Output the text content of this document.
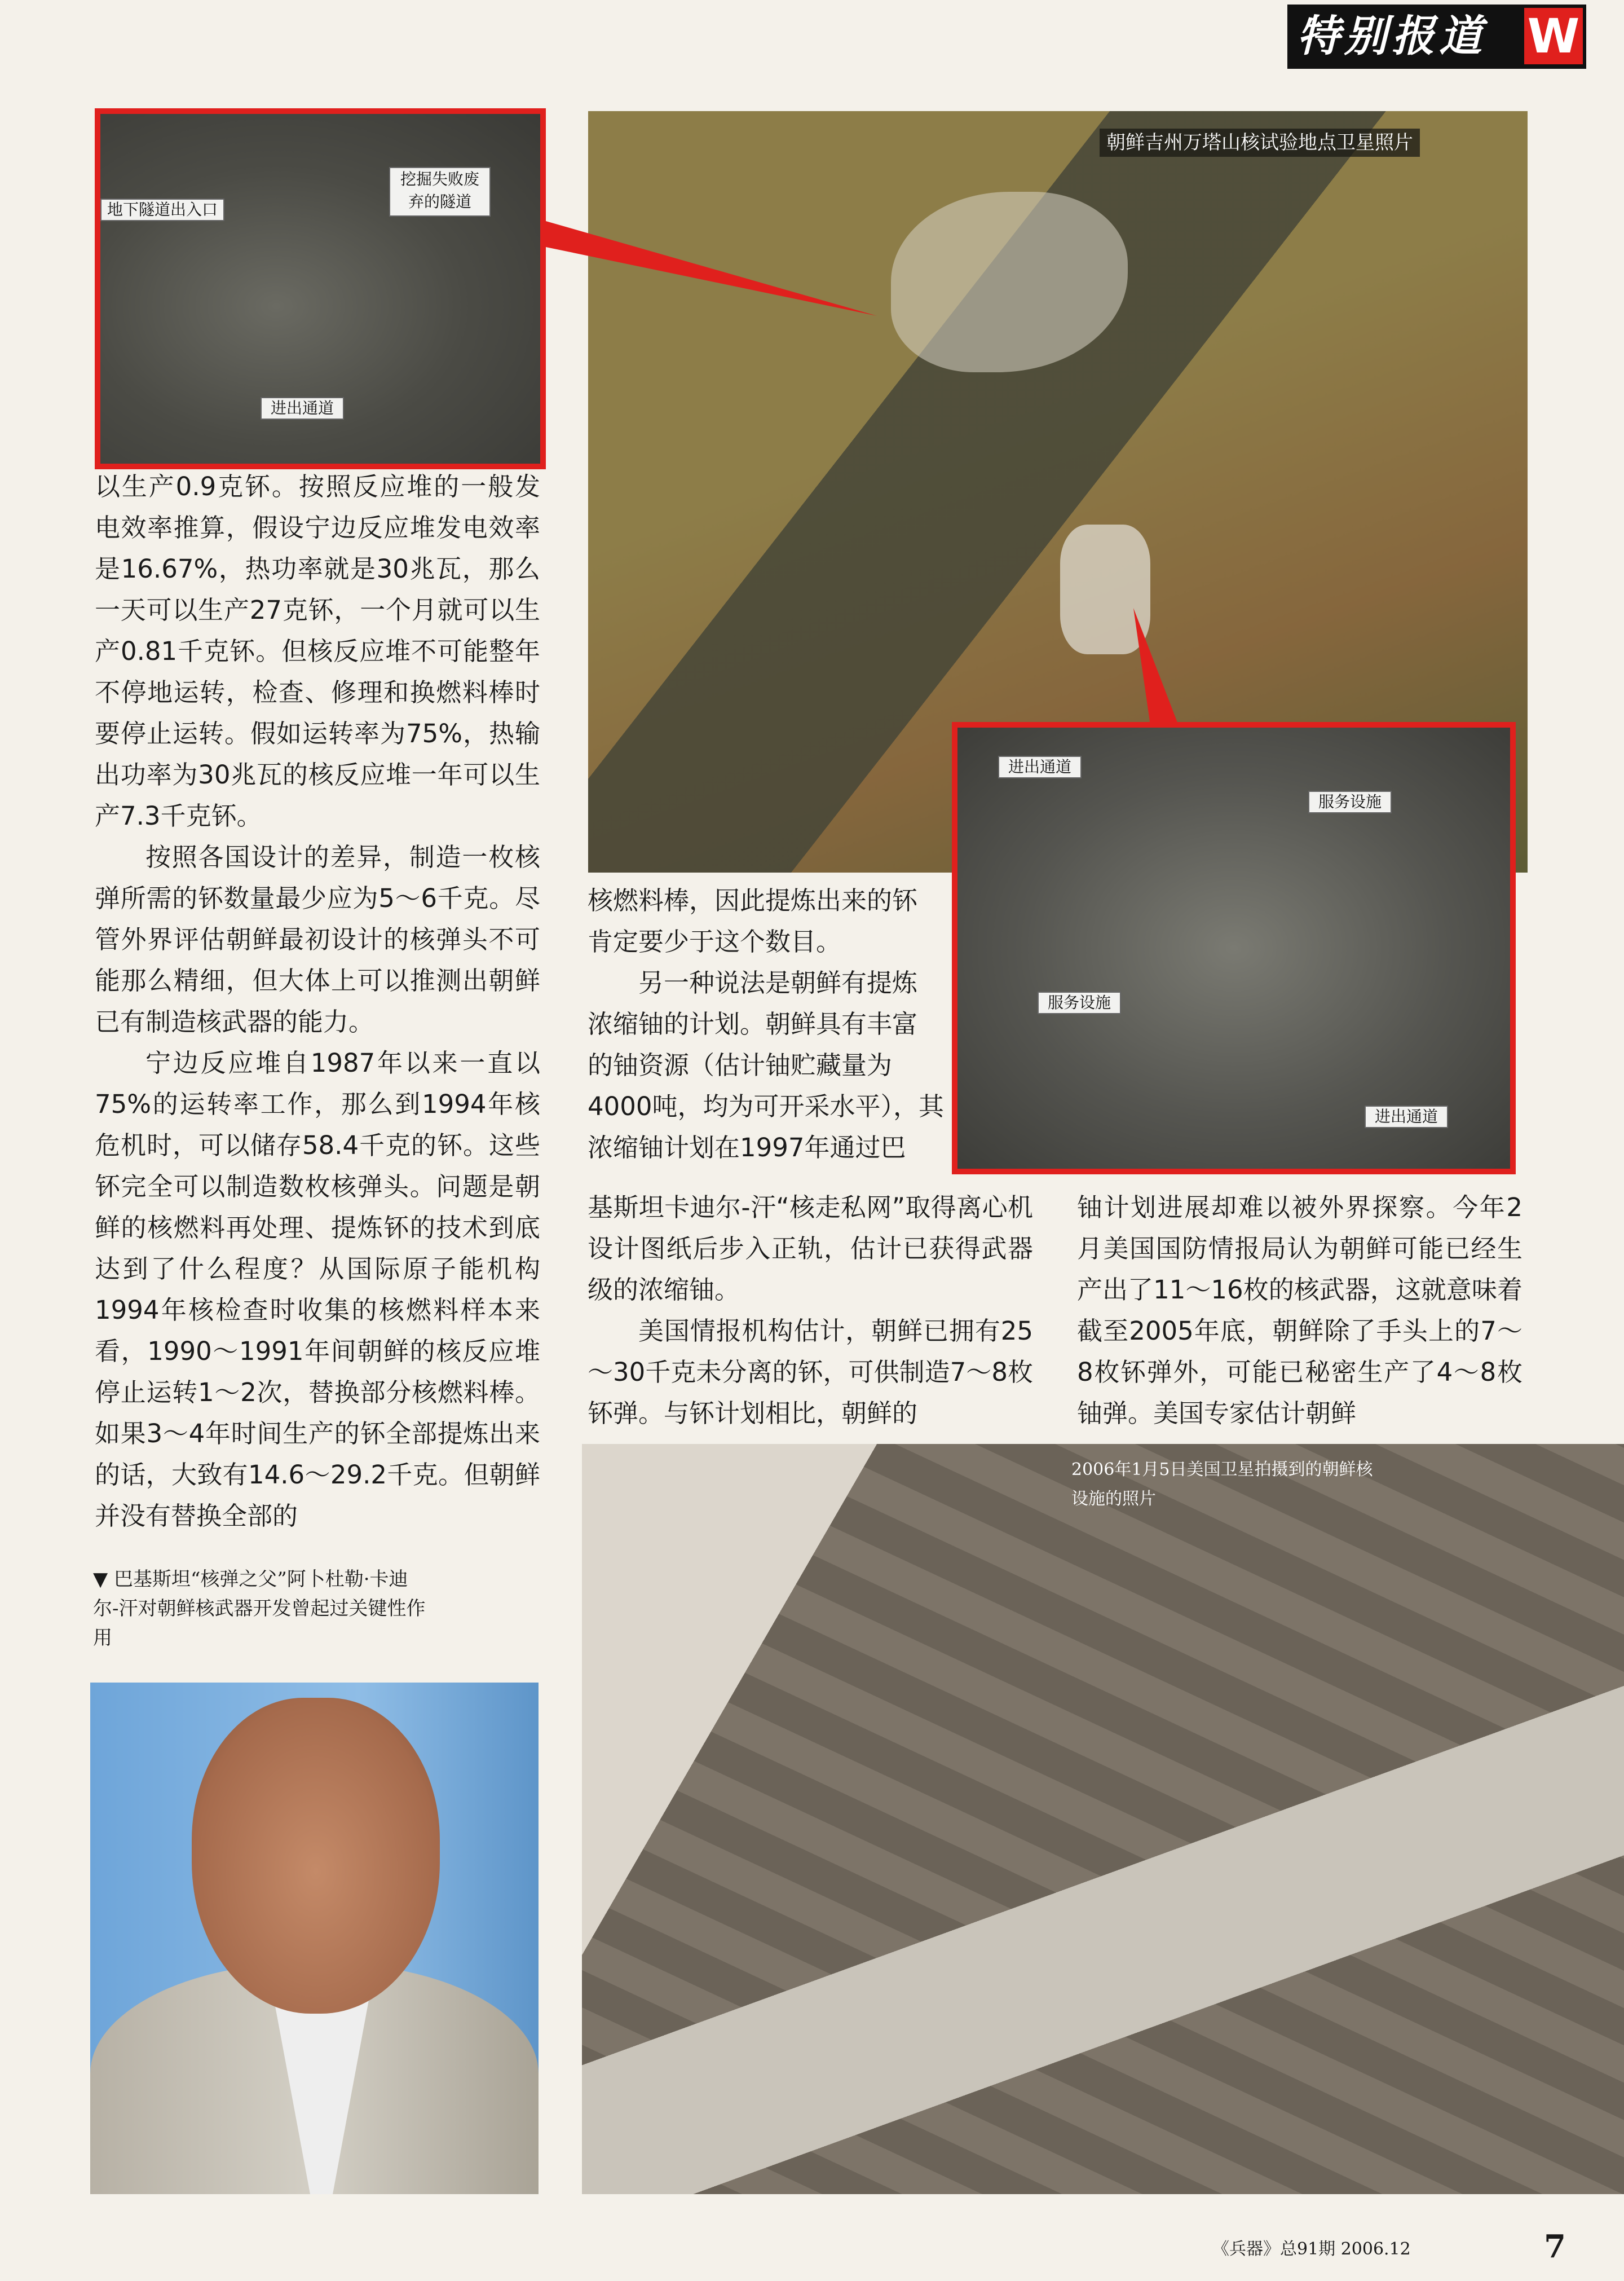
特别报道 W
朝鲜吉州万塔山核试验地点卫星照片
地下隧道出入口
挖掘失败废
弃的隧道
进出通道
进出通道
服务设施
服务设施
进出通道

以生产0.9克钚。按照反应堆的一般发电效率推算，假设宁边反应堆发电效率是16.67%，热功率就是30兆瓦，那么一天可以生产27克钚，一个月就可以生产0.81千克钚。但核反应堆不可能整年不停地运转，检查、修理和换燃料棒时要停止运转。假如运转率为75%，热输出功率为30兆瓦的核反应堆一年可以生产7.3千克钚。

按照各国设计的差异，制造一枚核弹所需的钚数量最少应为5～6千克。尽管外界评估朝鲜最初设计的核弹头不可能那么精细，但大体上可以推测出朝鲜已有制造核武器的能力。

宁边反应堆自1987年以来一直以75%的运转率工作，那么到1994年核危机时，可以储存58.4千克的钚。这些钚完全可以制造数枚核弹头。问题是朝鲜的核燃料再处理、提炼钚的技术到底达到了什么程度？从国际原子能机构1994年核检查时收集的核燃料样本来看，1990～1991年间朝鲜的核反应堆停止运转1～2次，替换部分核燃料棒。如果3～4年时间生产的钚全部提炼出来的话，大致有14.6～29.2千克。但朝鲜并没有替换全部的

核燃料棒，因此提炼出来的钚
肯定要少于这个数目。
另一种说法是朝鲜有提炼
浓缩铀的计划。朝鲜具有丰富
的铀资源（估计铀贮藏量为
4000吨，均为可开采水平），其
浓缩铀计划在1997年通过巴

基斯坦卡迪尔-汗“核走私网”取得离心机设计图纸后步入正轨，估计已获得武器级的浓缩铀。

美国情报机构估计，朝鲜已拥有25～30千克未分离的钚，可供制造7～8枚钚弹。与钚计划相比，朝鲜的

铀计划进展却难以被外界探察。今年2月美国国防情报局认为朝鲜可能已经生产出了11～16枚的核武器，这就意味着截至2005年底，朝鲜除了手头上的7～8枚钚弹外，可能已秘密生产了4～8枚铀弹。美国专家估计朝鲜

2006年1月5日美国卫星拍摄到的朝鲜核
设施的照片
▼ 巴基斯坦“核弹之父”阿卜杜勒·卡迪
尔-汗对朝鲜核武器开发曾起过关键性作
用
《兵器》总91期 2006.12	7
